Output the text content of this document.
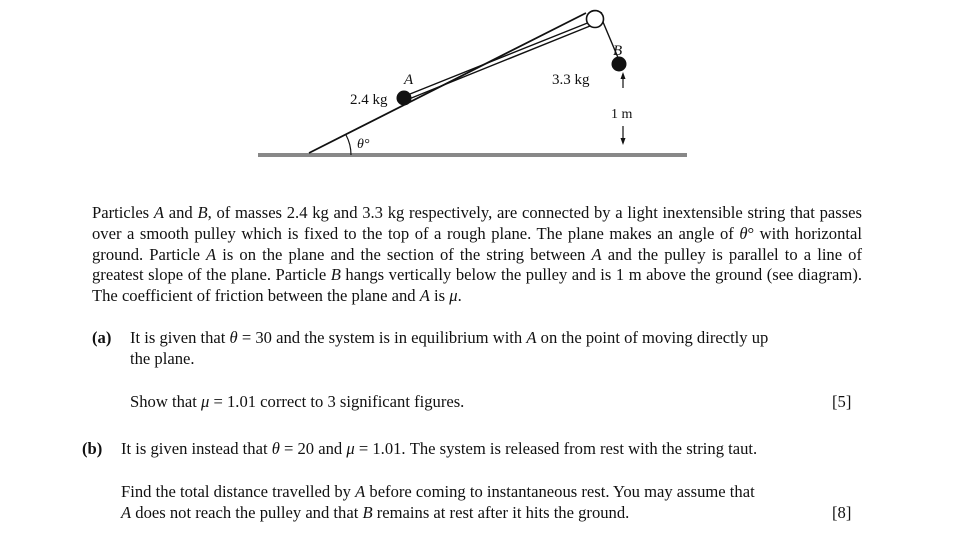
A
B
2.4 kg
3.3 kg
θ°
1 m

Particles A and B, of masses 2.4 kg and 3.3 kg respectively, are connected by a light inextensible string that passes over a smooth pulley which is fixed to the top of a rough plane. The plane makes an angle of θ° with horizontal ground. Particle A is on the plane and the section of the string between A and the pulley is parallel to a line of greatest slope of the plane. Particle B hangs vertically below the pulley and is 1 m above the ground (see diagram). The coefficient of friction between the plane and A is μ.

(a) It is given that θ = 30 and the system is in equilibrium with A on the point of moving directly up

the plane.

Show that μ = 1.01 correct to 3 significant figures.	[5]
(b) It is given instead that θ = 20 and μ = 1.01. The system is released from rest with the string taut.

Find the total distance travelled by A before coming to instantaneous rest. You may assume that

A does not reach the pulley and that B remains at rest after it hits the ground.	[8]
